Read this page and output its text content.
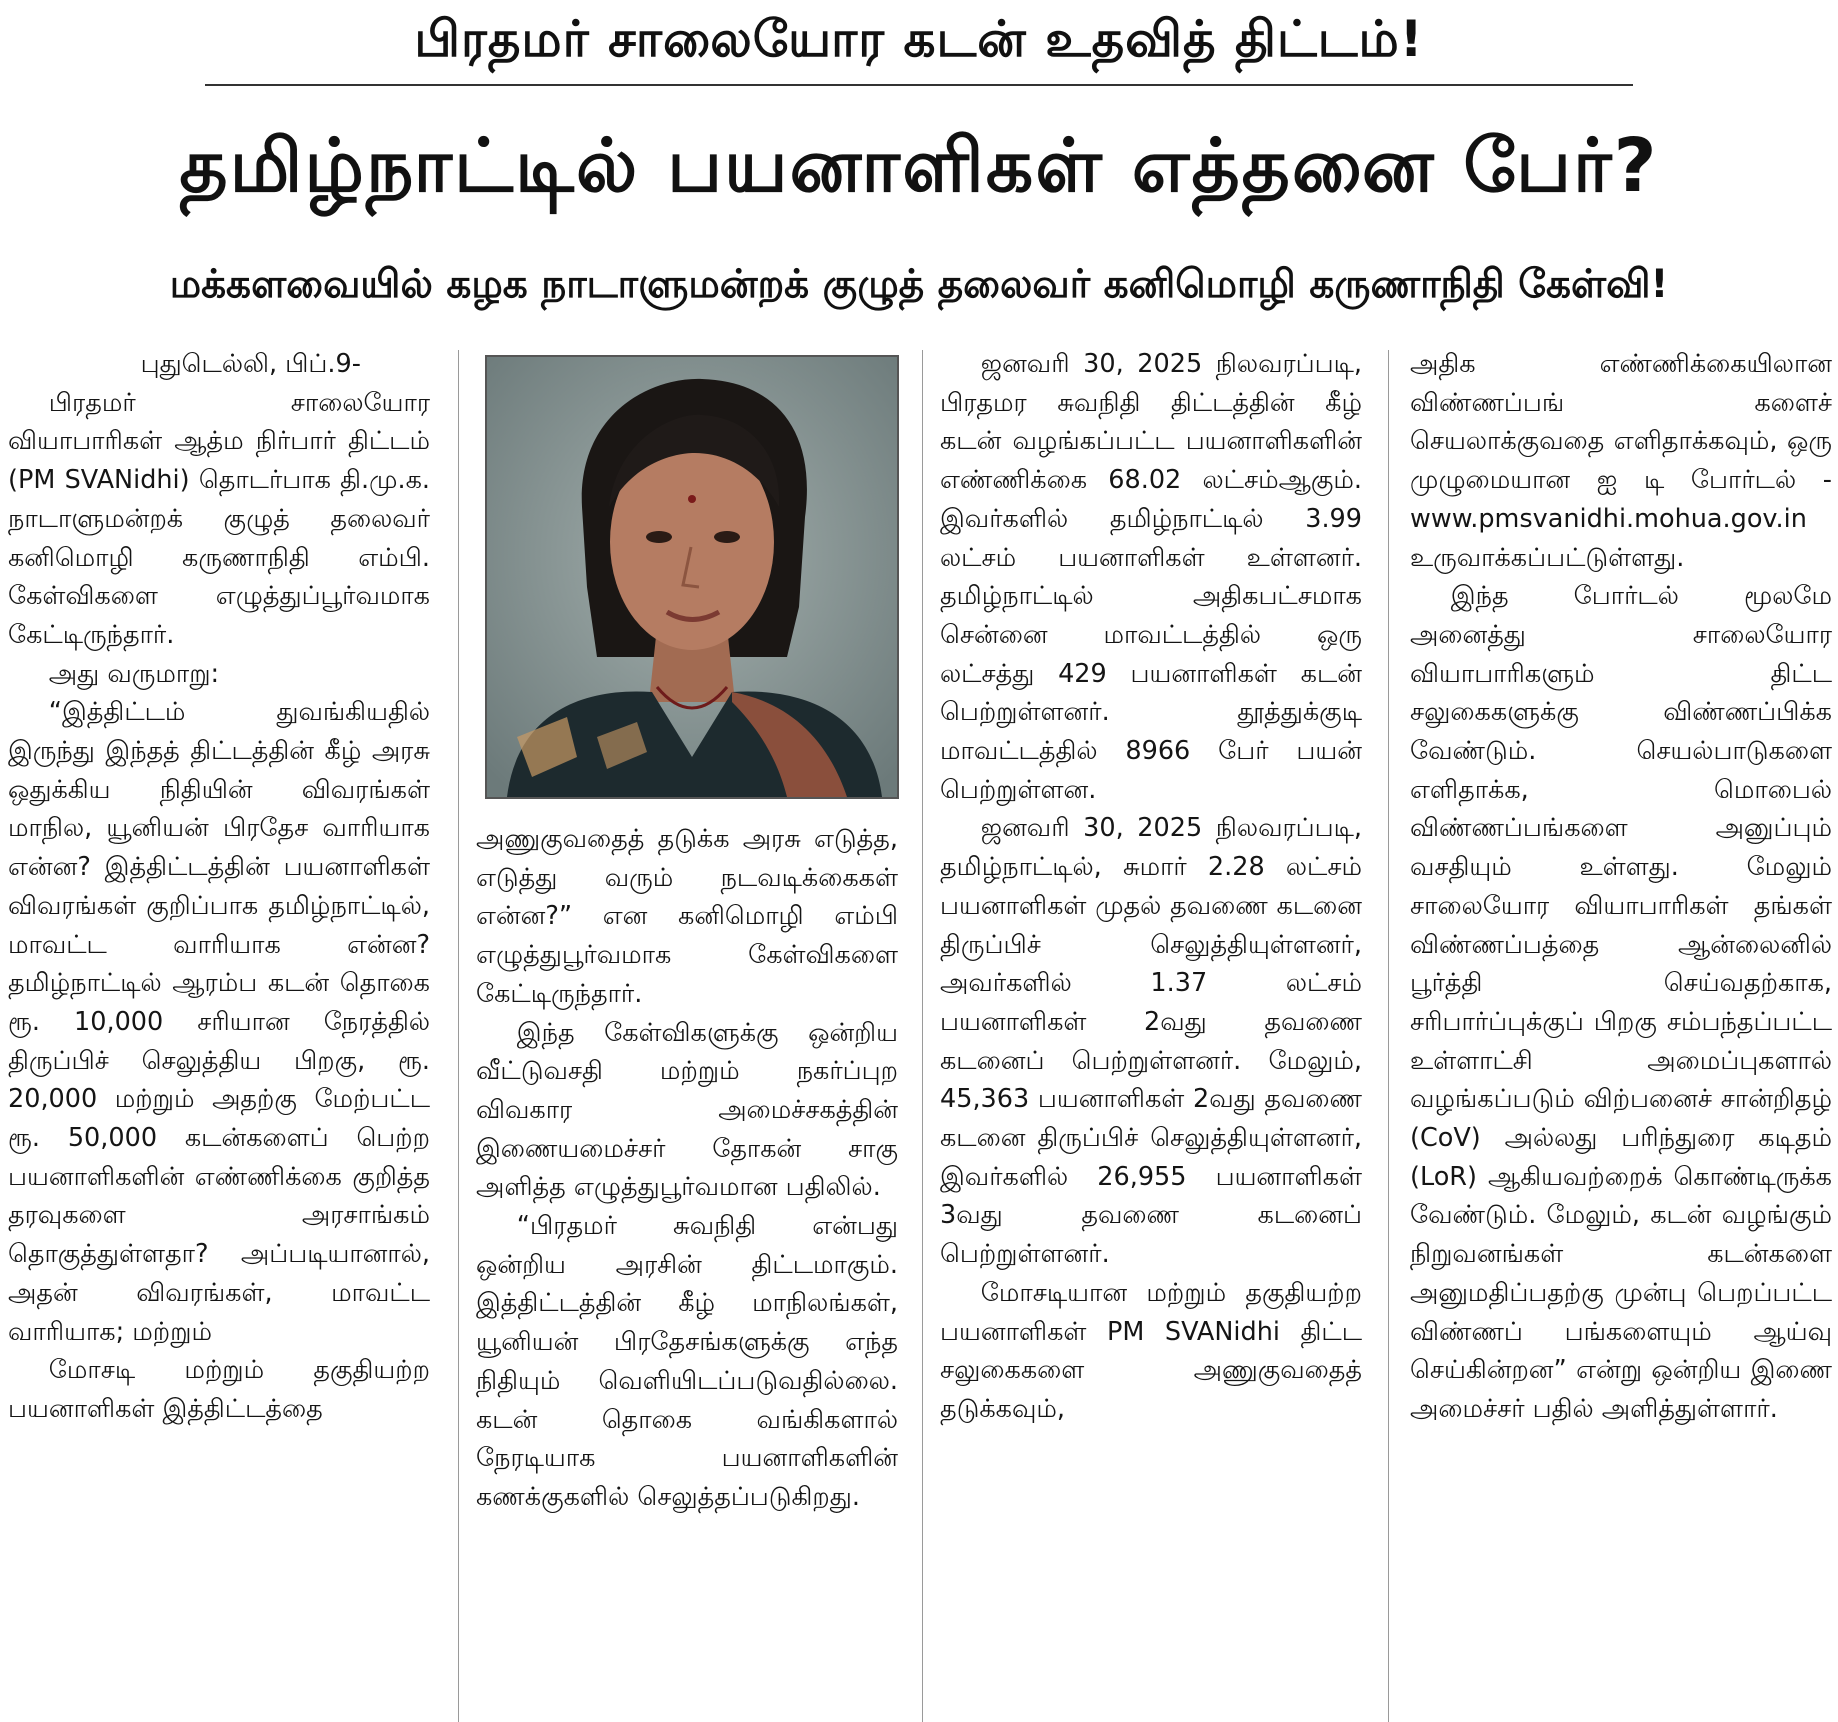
பிரதமர் சாலையோர கடன் உதவித் திட்டம்!
தமிழ்நாட்டில் பயனாளிகள் எத்தனை பேர்?
மக்களவையில் கழக நாடாளுமன்றக் குழுத் தலைவர் கனிமொழி கருணாநிதி கேள்வி!

புதுடெல்லி, பிப்.9-

பிரதமர் சாலையோர வியாபாரிகள் ஆத்ம நிர்பார் திட்டம் (PM SVANidhi) தொடர்பாக தி.மு.க. நாடாளுமன்றக் குழுத் தலைவர் கனிமொழி கருணாநிதி எம்பி. கேள்விகளை எழுத்துப்பூர்வமாக கேட்டிருந்தார்.

அது வருமாறு:

“இத்திட்டம் துவங்கியதில் இருந்து இந்தத் திட்டத்தின் கீழ் அரசு ஒதுக்கிய நிதியின் விவரங்கள் மாநில, யூனியன் பிரதேச வாரியாக என்ன? இத்திட்டத்தின் பயனாளிகள் விவரங்கள் குறிப்பாக தமிழ்நாட்டில், மாவட்ட வாரியாக என்ன? தமிழ்நாட்டில் ஆரம்ப கடன் தொகை ரூ. 10,000 சரியான நேரத்தில் திருப்பிச் செலுத்திய பிறகு, ரூ. 20,000 மற்றும் அதற்கு மேற்பட்ட ரூ. 50,000 கடன்களைப் பெற்ற பயனாளிகளின் எண்ணிக்கை குறித்த தரவுகளை அரசாங்கம் தொகுத்துள்ளதா? அப்படியானால், அதன் விவரங்கள், மாவட்ட வாரியாக; மற்றும்

மோசடி மற்றும் தகுதியற்ற பயனாளிகள் இத்திட்டத்தை

அணுகுவதைத் தடுக்க அரசு எடுத்த, எடுத்து வரும் நடவடிக்கைகள் என்ன?” என கனிமொழி எம்பி எழுத்துபூர்வமாக கேள்விகளை கேட்டிருந்தார்.

இந்த கேள்விகளுக்கு ஒன்றிய வீட்டுவசதி மற்றும் நகர்ப்புற விவகார அமைச்சகத்தின் இணையமைச்சர் தோகன் சாகு அளித்த எழுத்துபூர்வமான பதிலில்.

“பிரதமர் சுவநிதி என்பது ஒன்றிய அரசின் திட்டமாகும். இத்திட்டத்தின் கீழ் மாநிலங்கள், யூனியன் பிரதேசங்களுக்கு எந்த நிதியும் வெளியிடப்படுவதில்லை. கடன் தொகை வங்கிகளால் நேரடியாக பயனாளிகளின் கணக்குகளில் செலுத்தப்படுகிறது.

ஜனவரி 30, 2025 நிலவரப்படி, பிரதமர சுவநிதி திட்டத்தின் கீழ் கடன் வழங்கப்பட்ட பயனாளிகளின் எண்ணிக்கை 68.02 லட்சம்ஆகும். இவர்களில் தமிழ்நாட்டில் 3.99 லட்சம் பயனாளிகள் உள்ளனர். தமிழ்நாட்டில் அதிகபட்சமாக சென்னை மாவட்டத்தில் ஒரு லட்சத்து 429 பயனாளிகள் கடன் பெற்றுள்ளனர். தூத்துக்குடி மாவட்டத்தில் 8966 பேர் பயன் பெற்றுள்ளன.

ஜனவரி 30, 2025 நிலவரப்படி, தமிழ்நாட்டில், சுமார் 2.28 லட்சம் பயனாளிகள் முதல் தவணை கடனை திருப்பிச் செலுத்தியுள்ளனர், அவர்களில் 1.37 லட்சம் பயனாளிகள் 2வது தவணை கடனைப் பெற்றுள்ளனர். மேலும், 45,363 பயனாளிகள் 2வது தவணை கடனை திருப்பிச் செலுத்தியுள்ளனர், இவர்களில் 26,955 பயனாளிகள் 3வது தவணை கடனைப் பெற்றுள்ளனர்.

மோசடியான மற்றும் தகுதியற்ற பயனாளிகள் PM SVANidhi திட்ட சலுகைகளை அணுகுவதைத் தடுக்கவும்,

அதிக எண்ணிக்கையிலான விண்ணப்பங் களைச் செயலாக்குவதை எளிதாக்கவும், ஒரு முழுமையான ஐ டி போர்டல் -www.pmsvanidhi.mohua.gov.in உருவாக்கப்பட்டுள்ளது.

இந்த போர்டல் மூலமே அனைத்து சாலையோர வியாபாரிகளும் திட்ட சலுகைகளுக்கு விண்ணப்பிக்க வேண்டும். செயல்பாடுகளை எளிதாக்க, மொபைல் விண்ணப்பங்களை அனுப்பும் வசதியும் உள்ளது. மேலும் சாலையோர வியாபாரிகள் தங்கள் விண்ணப்பத்தை ஆன்லைனில் பூர்த்தி செய்வதற்காக, சரிபார்ப்புக்குப் பிறகு சம்பந்தப்பட்ட உள்ளாட்சி அமைப்புகளால் வழங்கப்படும் விற்பனைச் சான்றிதழ் (CoV) அல்லது பரிந்துரை கடிதம் (LoR) ஆகியவற்றைக் கொண்டிருக்க வேண்டும். மேலும், கடன் வழங்கும் நிறுவனங்கள் கடன்களை அனுமதிப்பதற்கு முன்பு பெறப்பட்ட விண்ணப் பங்களையும் ஆய்வு செய்கின்றன” என்று ஒன்றிய இணை அமைச்சர் பதில் அளித்துள்ளார்.
